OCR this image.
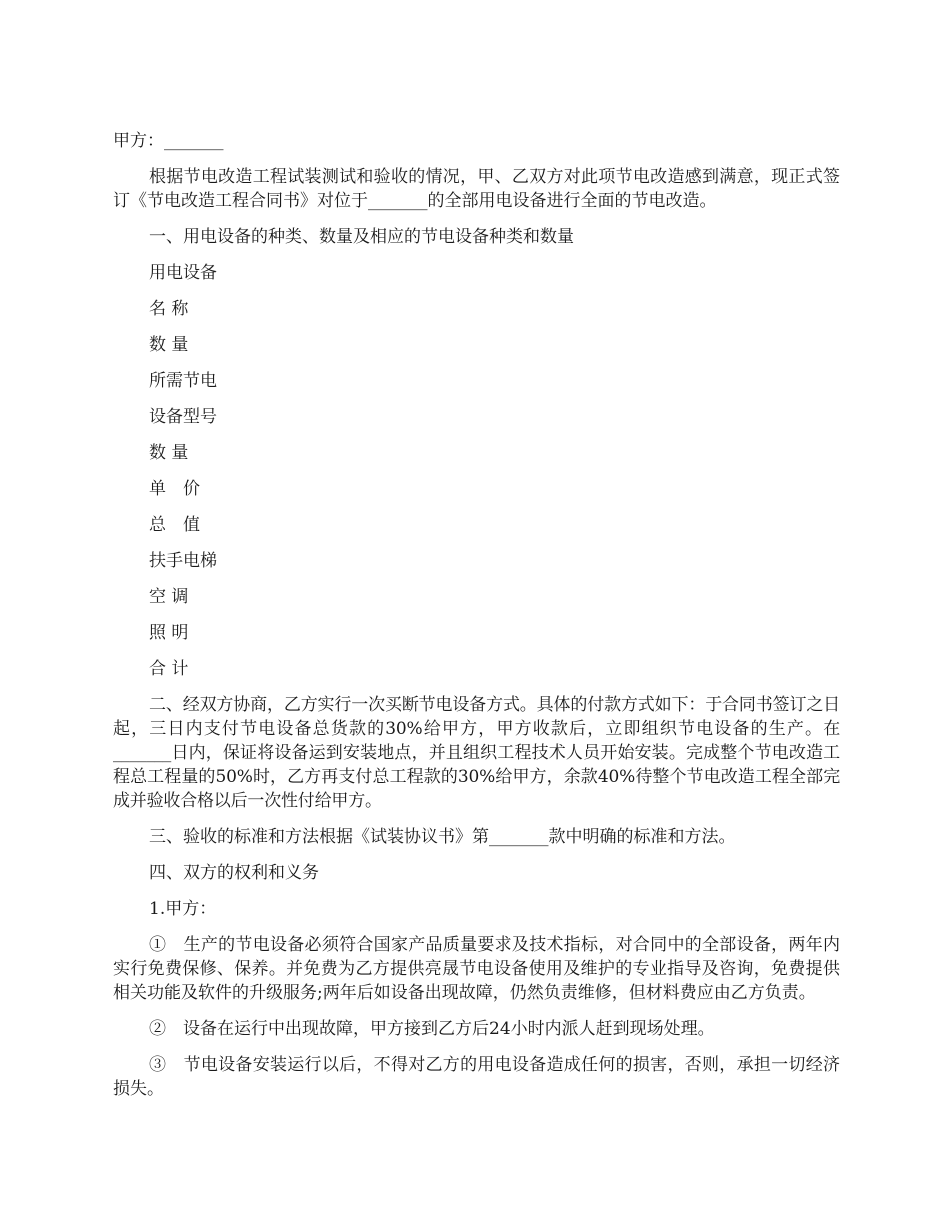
甲方：_______

根据节电改造工程试装测试和验收的情况，甲、乙双方对此项节电改造感到满意，现正式签订《节电改造工程合同书》对位于_______的全部用电设备进行全面的节电改造。

一、用电设备的种类、数量及相应的节电设备种类和数量

用电设备

名 称

数 量

所需节电

设备型号

数 量

单　价

总　值

扶手电梯

空 调

照 明

合 计

二、经双方协商，乙方实行一次买断节电设备方式。具体的付款方式如下：于合同书签订之日起，三日内支付节电设备总货款的30%给甲方，甲方收款后，立即组织节电设备的生产。在_______日内，保证将设备运到安装地点，并且组织工程技术人员开始安装。完成整个节电改造工程总工程量的50%时，乙方再支付总工程款的30%给甲方，余款40%待整个节电改造工程全部完成并验收合格以后一次性付给甲方。

三、验收的标准和方法根据《试装协议书》第_______款中明确的标准和方法。

四、双方的权利和义务

1.甲方：

①　生产的节电设备必须符合国家产品质量要求及技术指标，对合同中的全部设备，两年内实行免费保修、保养。并免费为乙方提供亮晟节电设备使用及维护的专业指导及咨询，免费提供相关功能及软件的升级服务;两年后如设备出现故障，仍然负责维修，但材料费应由乙方负责。

②　设备在运行中出现故障，甲方接到乙方后24小时内派人赶到现场处理。

③　节电设备安装运行以后，不得对乙方的用电设备造成任何的损害，否则，承担一切经济损失。
